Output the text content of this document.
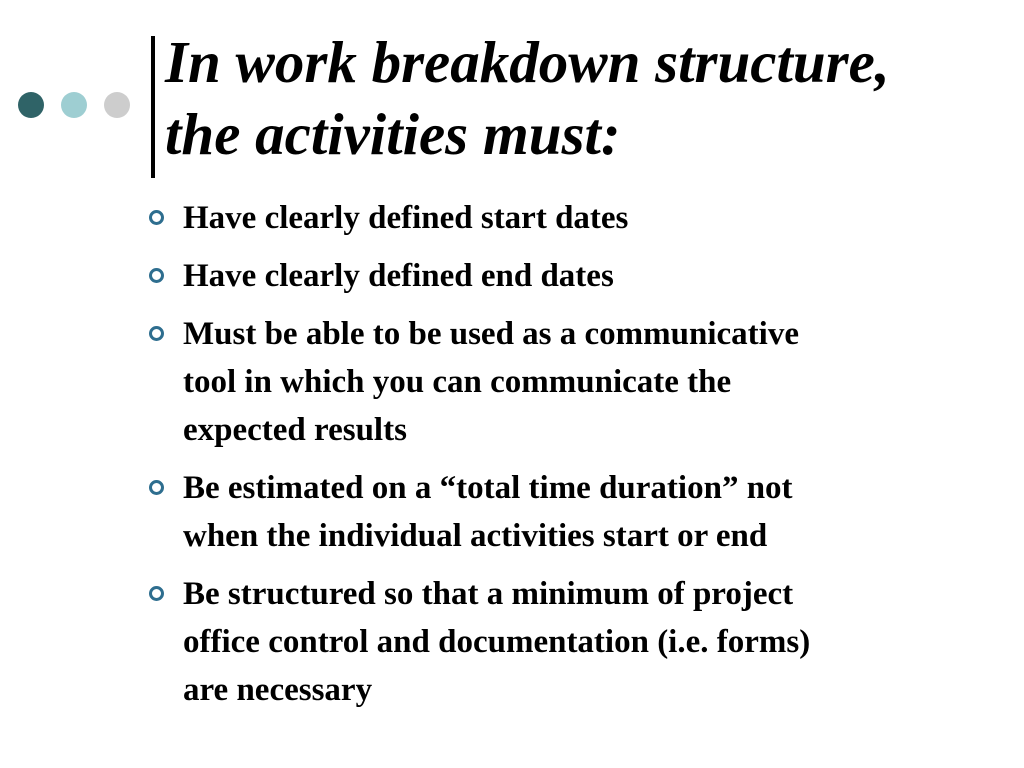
In work breakdown structure,
the activities must:
Have clearly defined start dates
Have clearly defined end dates
Must be able to be used as a communicative
tool in which you can communicate the
expected results
Be estimated on a “total time duration” not
when the individual activities start or end
Be structured so that a minimum of project
office control and documentation (i.e. forms)
are necessary
